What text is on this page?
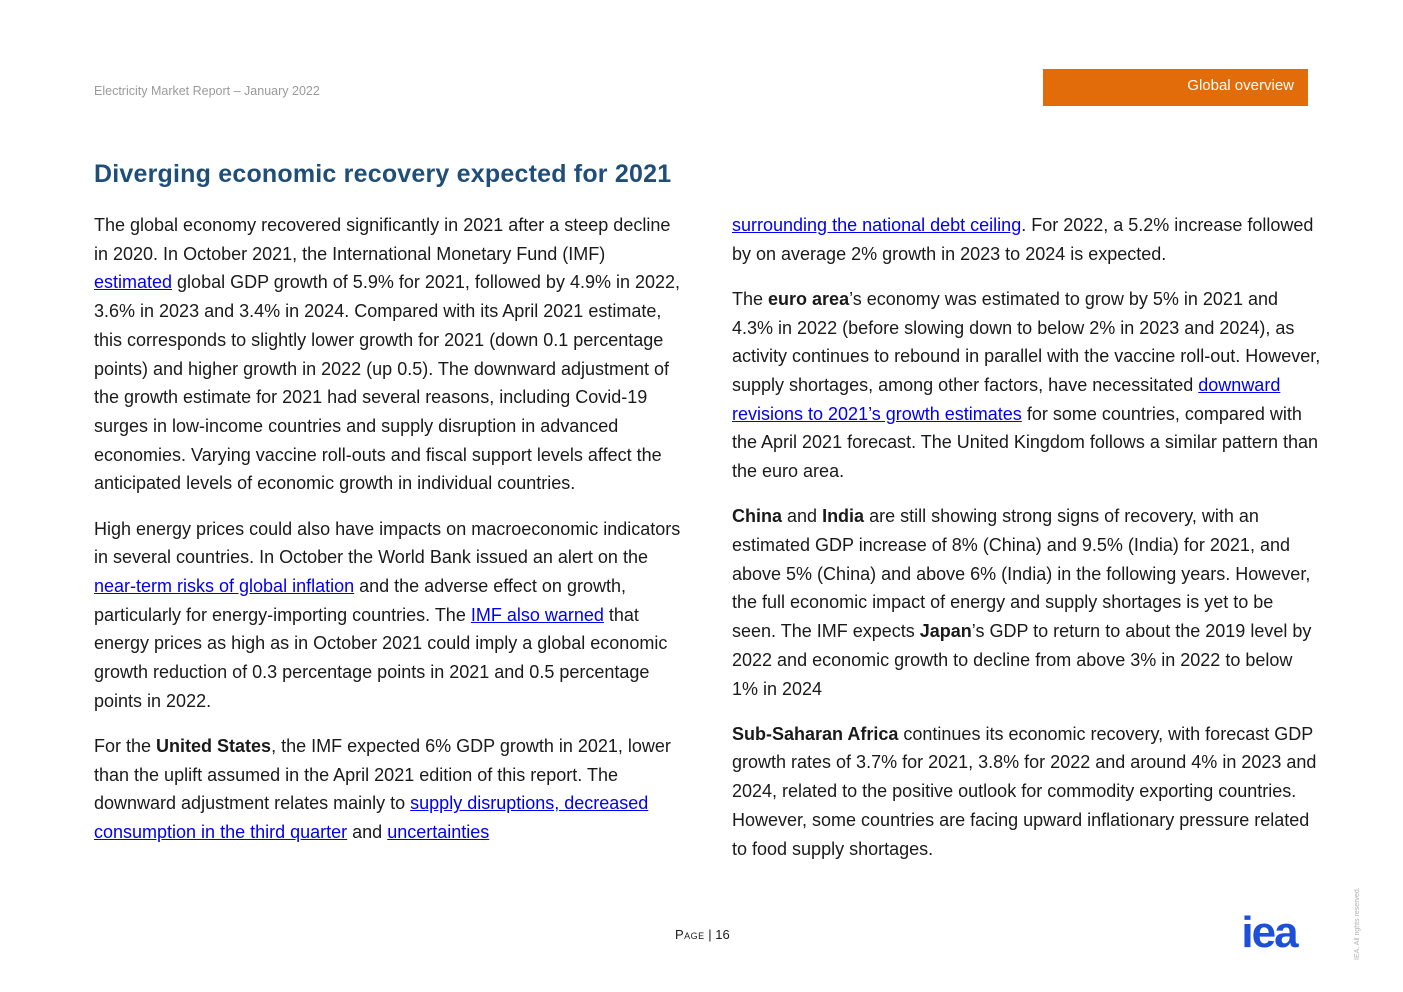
Electricity Market Report – January 2022	Global overview
Diverging economic recovery expected for 2021

The global economy recovered significantly in 2021 after a steep decline in 2020. In October 2021, the International Monetary Fund (IMF) estimated global GDP growth of 5.9% for 2021, followed by 4.9% in 2022, 3.6% in 2023 and 3.4% in 2024. Compared with its April 2021 estimate, this corresponds to slightly lower growth for 2021 (down 0.1 percentage points) and higher growth in 2022 (up 0.5). The downward adjustment of the growth estimate for 2021 had several reasons, including Covid-19 surges in low-income countries and supply disruption in advanced economies. Varying vaccine roll-outs and fiscal support levels affect the anticipated levels of economic growth in individual countries.

High energy prices could also have impacts on macroeconomic indicators in several countries. In October the World Bank issued an alert on the near-term risks of global inflation and the adverse effect on growth, particularly for energy-importing countries. The IMF also warned that energy prices as high as in October 2021 could imply a global economic growth reduction of 0.3 percentage points in 2021 and 0.5 percentage points in 2022.

For the United States, the IMF expected 6% GDP growth in 2021, lower than the uplift assumed in the April 2021 edition of this report. The downward adjustment relates mainly to supply disruptions, decreased consumption in the third quarter and uncertainties

surrounding the national debt ceiling. For 2022, a 5.2% increase followed by on average 2% growth in 2023 to 2024 is expected.

The euro area’s economy was estimated to grow by 5% in 2021 and 4.3% in 2022 (before slowing down to below 2% in 2023 and 2024), as activity continues to rebound in parallel with the vaccine roll-out. However, supply shortages, among other factors, have necessitated downward revisions to 2021’s growth estimates for some countries, compared with the April 2021 forecast. The United Kingdom follows a similar pattern than the euro area.

China and India are still showing strong signs of recovery, with an estimated GDP increase of 8% (China) and 9.5% (India) for 2021, and above 5% (China) and above 6% (India) in the following years. However, the full economic impact of energy and supply shortages is yet to be seen. The IMF expects Japan’s GDP to return to about the 2019 level by 2022 and economic growth to decline from above 3% in 2022 to below 1% in 2024

Sub-Saharan Africa continues its economic recovery, with forecast GDP growth rates of 3.7% for 2021, 3.8% for 2022 and around 4% in 2023 and 2024, related to the positive outlook for commodity exporting countries. However, some countries are facing upward inflationary pressure related to food supply shortages.

Page | 16	iea	IEA. All rights reserved.
